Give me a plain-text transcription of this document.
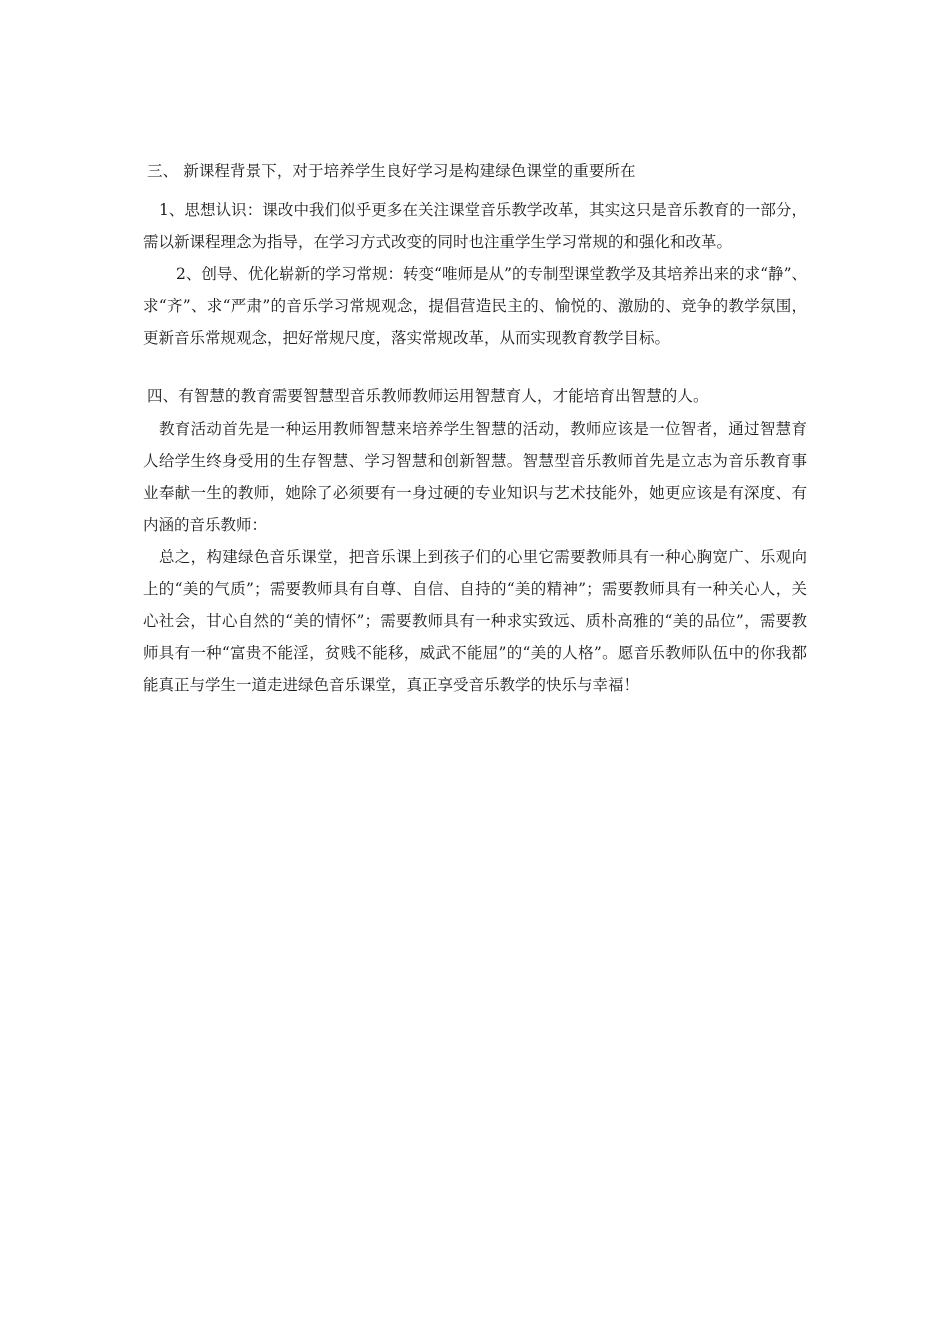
三、 新课程背景下，对于培养学生良好学习是构建绿色课堂的重要所在
1、思想认识：课改中我们似乎更多在关注课堂音乐教学改革，其实这只是音乐教育的一部分，需以新课程理念为指导，在学习方式改变的同时也注重学生学习常规的和强化和改革。
2、创导、优化崭新的学习常规：转变“唯师是从”的专制型课堂教学及其培养出来的求“静”、求“齐”、求“严肃”的音乐学习常规观念，提倡营造民主的、愉悦的、激励的、竞争的教学氛围，更新音乐常规观念，把好常规尺度，落实常规改革，从而实现教育教学目标。
四、有智慧的教育需要智慧型音乐教师教师运用智慧育人，才能培育出智慧的人。
教育活动首先是一种运用教师智慧来培养学生智慧的活动，教师应该是一位智者，通过智慧育人给学生终身受用的生存智慧、学习智慧和创新智慧。智慧型音乐教师首先是立志为音乐教育事业奉献一生的教师，她除了必须要有一身过硬的专业知识与艺术技能外，她更应该是有深度、有内涵的音乐教师：
总之，构建绿色音乐课堂，把音乐课上到孩子们的心里它需要教师具有一种心胸宽广、乐观向上的“美的气质”；需要教师具有自尊、自信、自持的“美的精神”；需要教师具有一种关心人，关心社会，甘心自然的“美的情怀”；需要教师具有一种求实致远、质朴高雅的“美的品位”，需要教师具有一种“富贵不能淫，贫贱不能移，威武不能屈”的“美的人格”。愿音乐教师队伍中的你我都能真正与学生一道走进绿色音乐课堂，真正享受音乐教学的快乐与幸福！
